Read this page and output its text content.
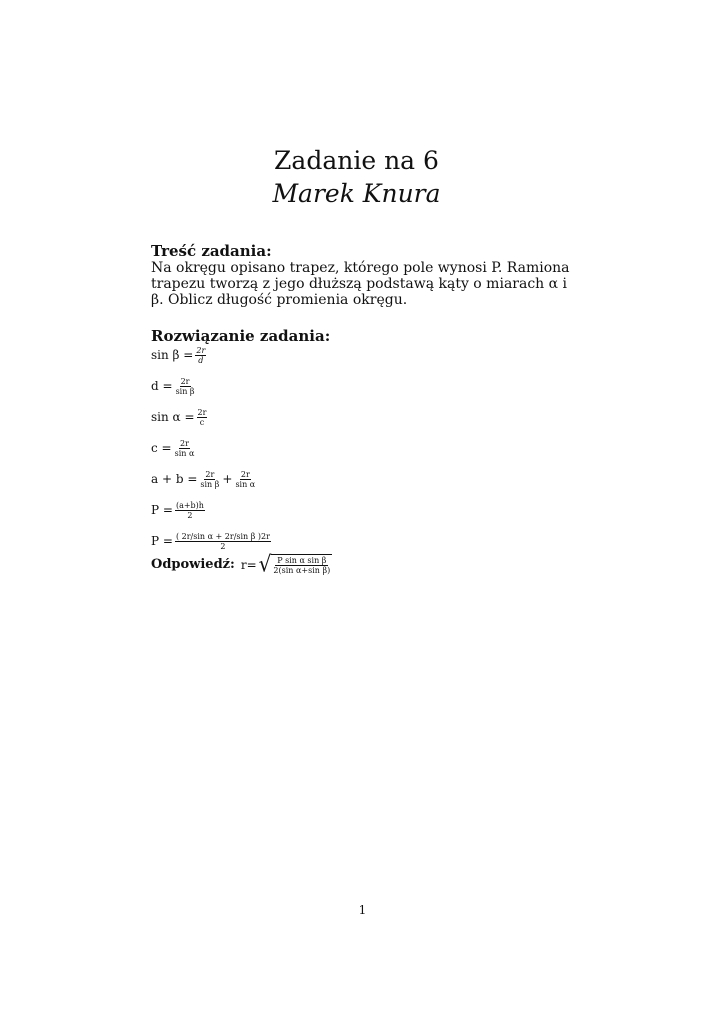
Zadanie na 6
Marek Knura
Treść zadania:

Na okręgu opisano trapez, którego pole wynosi P. Ramiona trapezu tworzą z jego dłuższą podstawą kąty o miarach α i β. Oblicz długość promienia okręgu.

Rozwiązanie zadania:
$\sin \beta = \frac{2r}{d}$
$d = \frac{2r}{\text{sin β}}$
$\sin \alpha = \frac{2r}{c}$
$c = \frac{2r}{\text{sin α}}$
$a + b = \frac{2r}{\text{sin β}} + \frac{2r}{\text{sin α}}$
$P = \frac{(a+b)h}{2}$
$P = \frac{\text{( 2r/sin α + 2r/sin β )2r}}{2}$
Odpowiedź: r= √ $\frac{\text{P sin α sin β}}{\text{2(sin α+sin β)}}$
1
